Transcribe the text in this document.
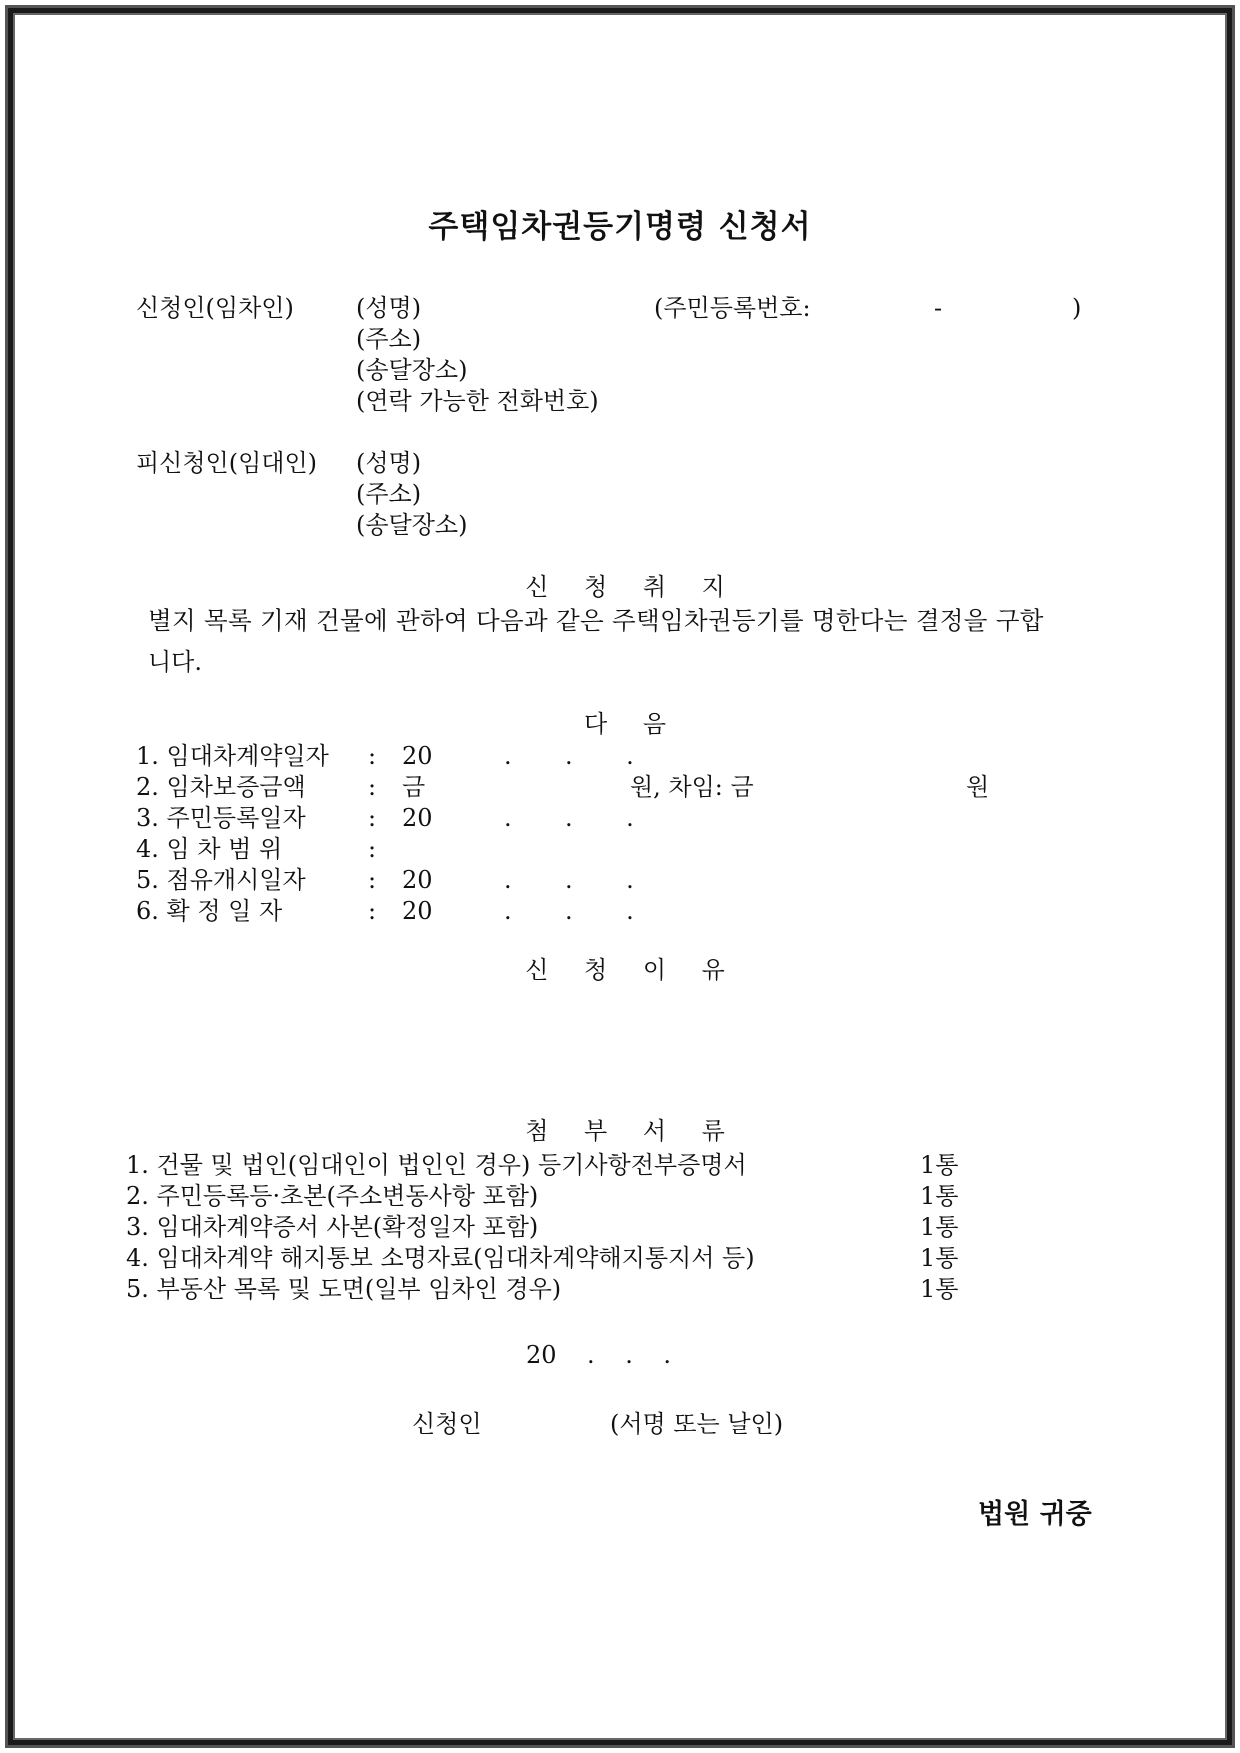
주택임차권등기명령 신청서
신청인(임차인)	(성명)	(주민등록번호:	-	)
(주소)
(송달장소)
(연락 가능한 전화번호)
피신청인(임대인) (성명)
(주소)
(송달장소)
신 청 취 지
별지 목록 기재 건물에 관하여 다음과 같은 주택임차권등기를 명한다는 결정을 구합
니다.
다 음
1. 임대차계약일자 : 20	.       .       .
2. 임차보증금액	: 금	원, 차임: 금	원
3. 주민등록일자	: 20	.       .       .
4. 임 차 범 위	:
5. 점유개시일자	: 20	.       .       .
6. 확 정 일 자	: 20	.       .       .
신 청 이 유
첨 부 서 류
1. 건물 및 법인(임대인이 법인인 경우) 등기사항전부증명서	1통
2. 주민등록등·초본(주소변동사항 포함)	1통
3. 임대차계약증서 사본(확정일자 포함)	1통
4. 임대차계약 해지통보 소명자료(임대차계약해지통지서 등)	1통
5. 부동산 목록 및 도면(일부 임차인 경우)	1통
20    .    .    .
신청인	(서명 또는 날인)
법원 귀중
